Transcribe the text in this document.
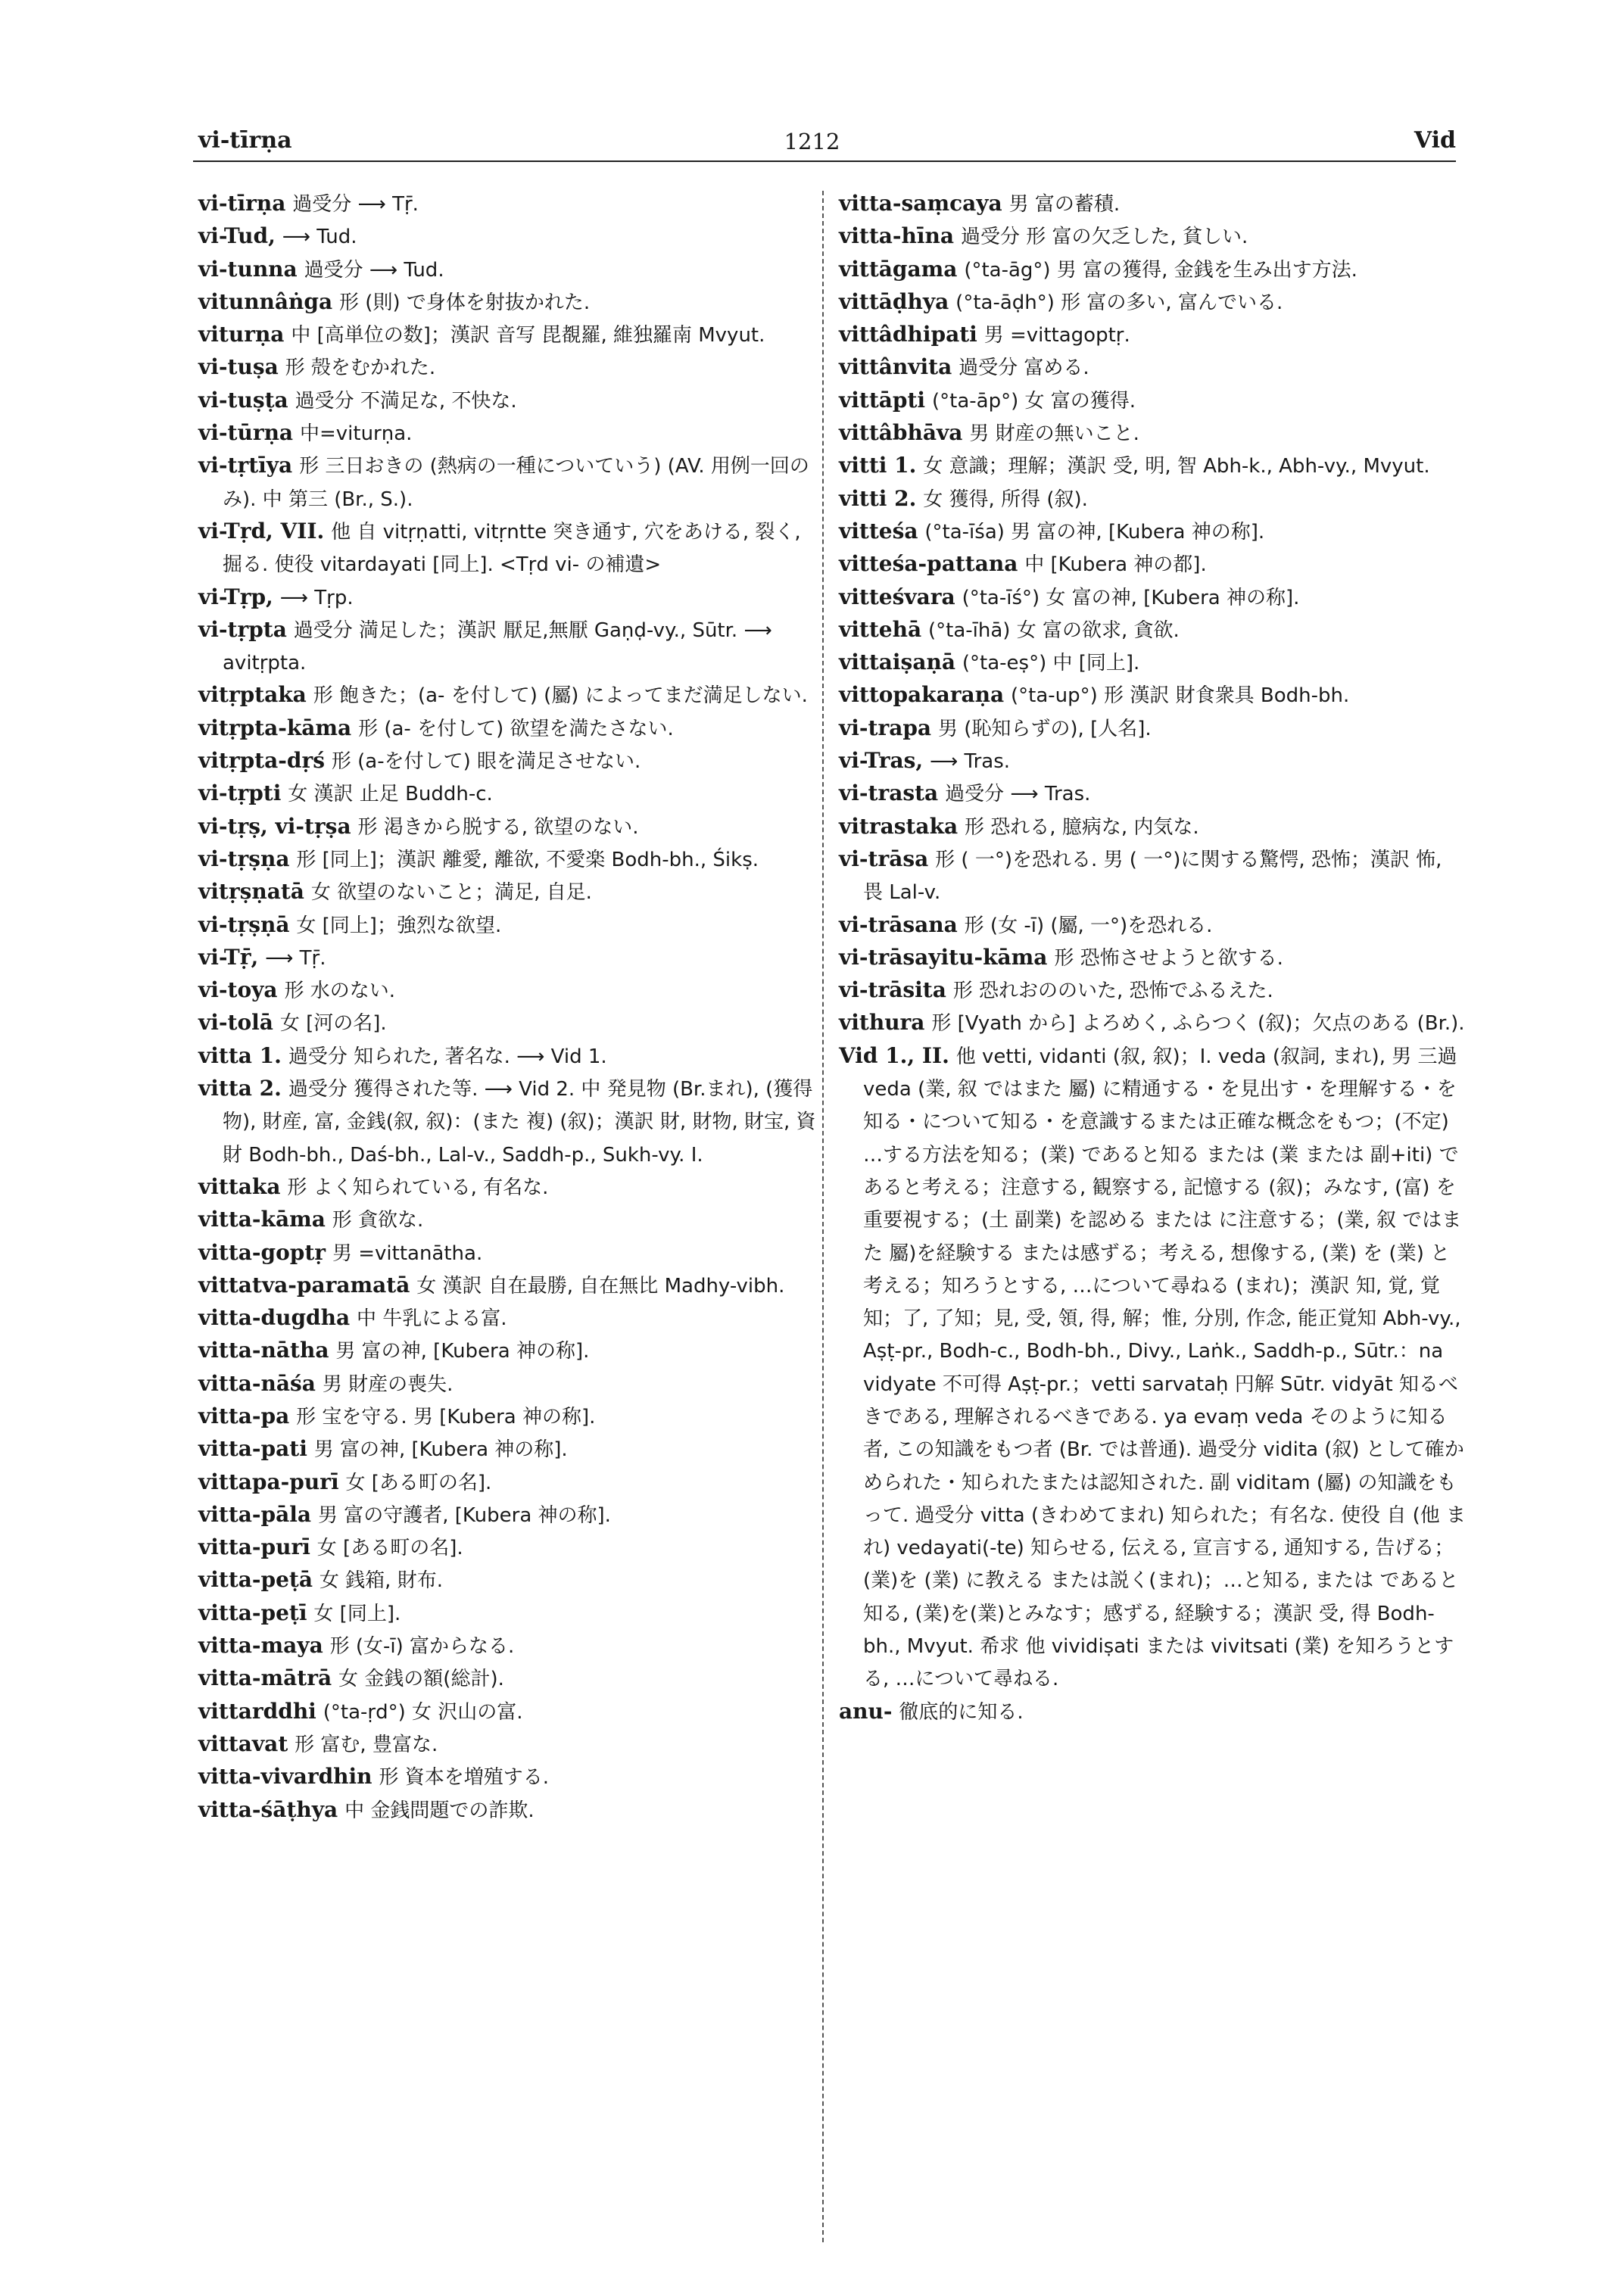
vi-tīrṇa	1212	Vid

vi-tīrṇa 過受分 ⟶ Tṝ.

vi-Tud, ⟶ Tud.

vi-tunna 過受分 ⟶ Tud.

vitunnâṅga 形 (則) で身体を射抜かれた.

viturṇa 中 [高単位の数]；漢訳 音写 毘覩羅, 維独羅南 Mvyut.

vi-tuṣa 形 殻をむかれた.

vi-tuṣṭa 過受分 不満足な, 不快な.

vi-tūrṇa 中=viturṇa.

vi-tṛtīya 形 三日おきの (熱病の一種についていう) (AV. 用例一回のみ). 中 第三 (Br., S.).

vi-Tṛd, VII. 他 自 vitṛṇatti, vitṛntte 突き通す, 穴をあける, 裂く, 掘る. 使役 vitardayati [同上]. <Tṛd vi- の補遺>

vi-Tṛp, ⟶ Tṛp.

vi-tṛpta 過受分 満足した；漢訳 厭足,無厭 Gaṇḍ-vy., Sūtr. ⟶ avitṛpta.

vitṛptaka 形 飽きた；(a- を付して) (屬) によってまだ満足しない.

vitṛpta-kāma 形 (a- を付して) 欲望を満たさない.

vitṛpta-dṛś 形 (a-を付して) 眼を満足させない.

vi-tṛpti 女 漢訳 止足 Buddh-c.

vi-tṛṣ, vi-tṛṣa 形 渇きから脱する, 欲望のない.

vi-tṛṣṇa 形 [同上]；漢訳 離愛, 離欲, 不愛楽 Bodh-bh., Śikṣ.

vitṛṣṇatā 女 欲望のないこと；満足, 自足.

vi-tṛṣṇā 女 [同上]；強烈な欲望.

vi-Tṝ, ⟶ Tṝ.

vi-toya 形 水のない.

vi-tolā 女 [河の名].

vitta 1. 過受分 知られた, 著名な. ⟶ Vid 1.

vitta 2. 過受分 獲得された等. ⟶ Vid 2. 中 発見物 (Br.まれ), (獲得物), 財産, 富, 金銭(叙, 叙)：(また 複) (叙)；漢訳 財, 財物, 財宝, 資財 Bodh-bh., Daś-bh., Lal-v., Saddh-p., Sukh-vy. I.

vittaka 形 よく知られている, 有名な.

vitta-kāma 形 貪欲な.

vitta-goptṛ 男 =vittanātha.

vittatva-paramatā 女 漢訳 自在最勝, 自在無比 Madhy-vibh.

vitta-dugdha 中 牛乳による富.

vitta-nātha 男 富の神, [Kubera 神の称].

vitta-nāśa 男 財産の喪失.

vitta-pa 形 宝を守る. 男 [Kubera 神の称].

vitta-pati 男 富の神, [Kubera 神の称].

vittapa-purī 女 [ある町の名].

vitta-pāla 男 富の守護者, [Kubera 神の称].

vitta-purī 女 [ある町の名].

vitta-peṭā 女 銭箱, 財布.

vitta-peṭī 女 [同上].

vitta-maya 形 (女-ī) 富からなる.

vitta-mātrā 女 金銭の額(総計).

vittarddhi (°ta-ṛd°) 女 沢山の富.

vittavat 形 富む, 豊富な.

vitta-vivardhin 形 資本を増殖する.

vitta-śāṭhya 中 金銭問題での詐欺.

vitta-saṃcaya 男 富の蓄積.

vitta-hīna 過受分 形 富の欠乏した, 貧しい.

vittāgama (°ta-āg°) 男 富の獲得, 金銭を生み出す方法.

vittāḍhya (°ta-āḍh°) 形 富の多い, 富んでいる.

vittâdhipati 男 =vittagoptṛ.

vittânvita 過受分 富める.

vittāpti (°ta-āp°) 女 富の獲得.

vittâbhāva 男 財産の無いこと.

vitti 1. 女 意識；理解；漢訳 受, 明, 智 Abh-k., Abh-vy., Mvyut.

vitti 2. 女 獲得, 所得 (叙).

vitteśa (°ta-īśa) 男 富の神, [Kubera 神の称].

vitteśa-pattana 中 [Kubera 神の都].

vitteśvara (°ta-īś°) 女 富の神, [Kubera 神の称].

vittehā (°ta-īhā) 女 富の欲求, 貪欲.

vittaiṣaṇā (°ta-eṣ°) 中 [同上].

vittopakaraṇa (°ta-up°) 形 漢訳 財食衆具 Bodh-bh.

vi-trapa 男 (恥知らずの), [人名].

vi-Tras, ⟶ Tras.

vi-trasta 過受分 ⟶ Tras.

vitrastaka 形 恐れる, 臆病な, 内気な.

vi-trāsa 形 ( 一°)を恐れる. 男 ( 一°)に関する驚愕, 恐怖；漢訳 怖, 畏 Lal-v.

vi-trāsana 形 (女 -ī) (屬, 一°)を恐れる.

vi-trāsayitu-kāma 形 恐怖させようと欲する.

vi-trāsita 形 恐れおののいた, 恐怖でふるえた.

vithura 形 [Vyath から] よろめく, ふらつく (叙)；欠点のある (Br.).

Vid 1., II. 他 vetti, vidanti (叙, 叙)；I. veda (叙詞, まれ), 男 三過 veda (業, 叙 ではまた 屬) に精通する・を見出す・を理解する・を知る・について知る・を意識するまたは正確な概念をもつ；(不定) …する方法を知る；(業) であると知る または (業 または 副+iti) であると考える；注意する, 観察する, 記憶する (叙)；みなす, (富) を重要視する；(土 副業) を認める または に注意する；(業, 叙 ではまた 屬)を経験する または感ずる；考える, 想像する, (業) を (業) と考える；知ろうとする, …について尋ねる (まれ)；漢訳 知, 覚, 覚知；了, 了知；見, 受, 領, 得, 解；惟, 分別, 作念, 能正覚知 Abh-vy., Aṣṭ-pr., Bodh-c., Bodh-bh., Divy., Laṅk., Saddh-p., Sūtr.：na vidyate 不可得 Aṣṭ-pr.；vetti sarvataḥ 円解 Sūtr. vidyāt 知るべきである, 理解されるべきである. ya evaṃ veda そのように知る者, この知識をもつ者 (Br. では普通). 過受分 vidita (叙) として確かめられた・知られたまたは認知された. 副 viditam (屬) の知識をもって. 過受分 vitta (きわめてまれ) 知られた；有名な. 使役 自 (他 まれ) vedayati(-te) 知らせる, 伝える, 宣言する, 通知する, 告げる；(業)を (業) に教える または説く(まれ)；…と知る, または であると知る, (業)を(業)とみなす；感ずる, 経験する；漢訳 受, 得 Bodh-bh., Mvyut. 希求 他 vividiṣati または vivitsati (業) を知ろうとする, …について尋ねる.

anu- 徹底的に知る.
